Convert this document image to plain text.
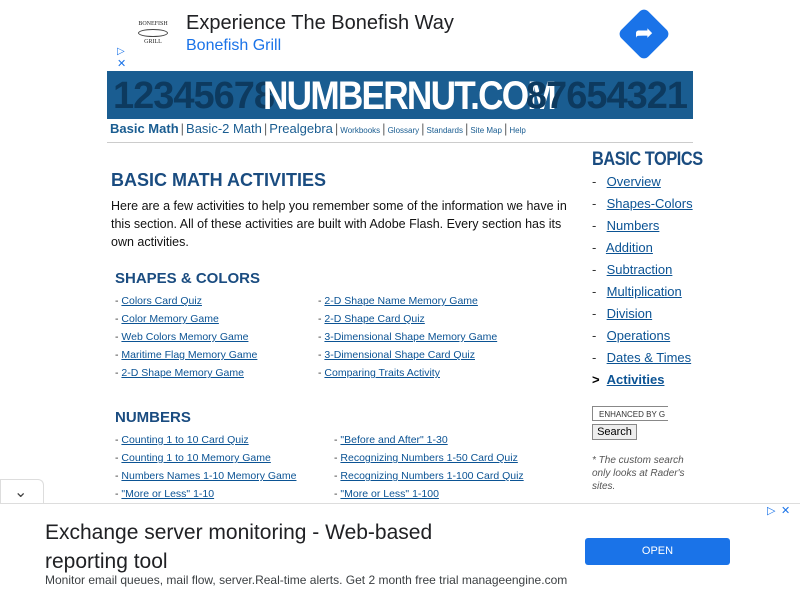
BONEFISH
GRILL
Experience The Bonefish Way
Bonefish Grill	➦
▷
✕
12345678
NUMBERNUT.COM
87654321
Basic Math | Basic-2 Math | Prealgebra | Workbooks | Glossary | Standards | Site Map | Help
BASIC MATH ACTIVITIES

Here are a few activities to help you remember some of the information we have in this section. All of these activities are built with Adobe Flash. Every section has its own activities.

SHAPES & COLORS
- Colors Card Quiz
- Color Memory Game
- Web Colors Memory Game
- Maritime Flag Memory Game
- 2-D Shape Memory Game
- 2-D Shape Name Memory Game
- 2-D Shape Card Quiz
- 3-Dimensional Shape Memory Game
- 3-Dimensional Shape Card Quiz
- Comparing Traits Activity
NUMBERS
- Counting 1 to 10 Card Quiz
- Counting 1 to 10 Memory Game
- Numbers Names 1-10 Memory Game
- "More or Less" 1-10
- "Before and After" 1-30
- Recognizing Numbers 1-50 Card Quiz
- Recognizing Numbers 1-100 Card Quiz
- "More or Less" 1-100
BASIC TOPICS
- Overview
- Shapes-Colors
- Numbers
- Addition
- Subtraction
- Multiplication
- Division
- Operations
- Dates & Times
> Activities
ENHANCED BY G
Search

* The custom search only looks at Rader's sites.

⌄
▷ ✕

Exchange server monitoring - Web-based reporting tool

Monitor email queues, mail flow, server.Real-time alerts. Get 2 month free trial manageengine.com

OPEN
